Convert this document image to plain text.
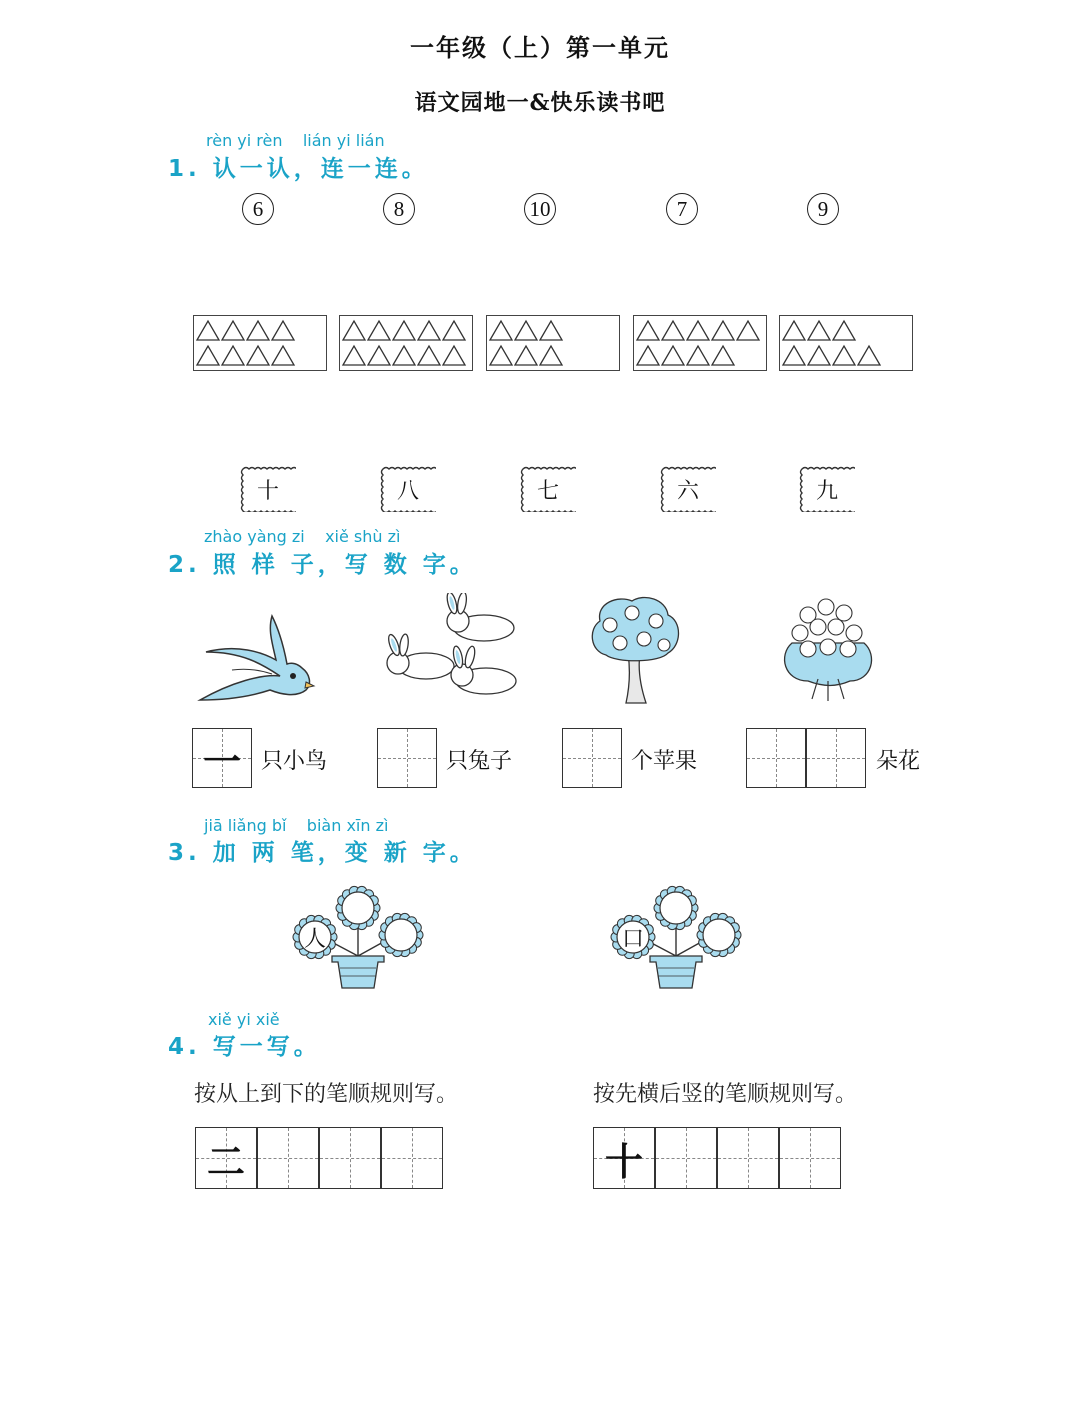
一年级（上）第一单元
语文园地一&快乐读书吧
rèn yi rèn    lián yi lián
1. 认一认，连一连。
6	8	10	7	9
十	八	七	六	九
zhào yàng zi    xiě shù zì
2. 照 样 子，写 数 字。
一 只小鸟	只兔子	个苹果	朵花
jiā liǎng bǐ    biàn xīn zì
3. 加 两 笔，变 新 字。
人	口
xiě yi xiě
4. 写一写。
按从上到下的笔顺规则写。	按先横后竖的笔顺规则写。
二	十
